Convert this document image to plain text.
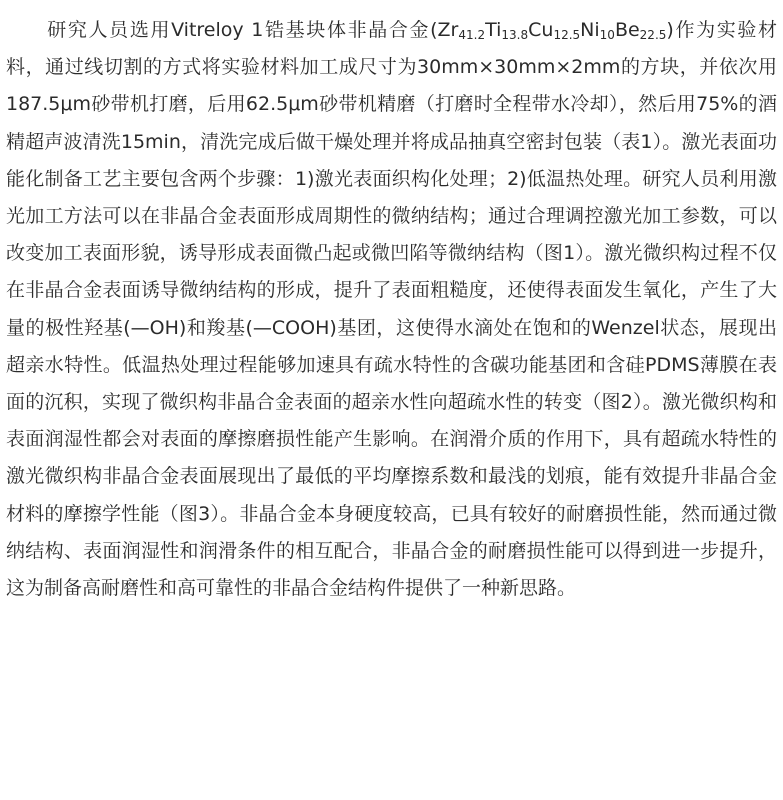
　　研究人员选用Vitreloy 1锆基块体非晶合金$(Zr_{41.2}Ti_{13.8}Cu_{12.5}Ni_{10}Be_{22.5})$作为实验材料，通过线切割的方式将实验材料加工成尺寸为30mm×30mm×2mm的方块，并依次用187.5μm砂带机打磨，后用62.5μm砂带机精磨（打磨时全程带水冷却），然后用75%的酒精超声波清洗15min，清洗完成后做干燥处理并将成品抽真空密封包装（表1）。激光表面功能化制备工艺主要包含两个步骤：1)激光表面织构化处理；2)低温热处理。研究人员利用激光加工方法可以在非晶合金表面形成周期性的微纳结构；通过合理调控激光加工参数，可以改变加工表面形貌，诱导形成表面微凸起或微凹陷等微纳结构（图1）。激光微织构过程不仅在非晶合金表面诱导微纳结构的形成，提升了表面粗糙度，还使得表面发生氧化，产生了大量的极性羟基(—OH)和羧基(—COOH)基团，这使得水滴处在饱和的Wenzel状态，展现出超亲水特性。低温热处理过程能够加速具有疏水特性的含碳功能基团和含硅PDMS薄膜在表面的沉积，实现了微织构非晶合金表面的超亲水性向超疏水性的转变（图2）。激光微织构和表面润湿性都会对表面的摩擦磨损性能产生影响。在润滑介质的作用下，具有超疏水特性的激光微织构非晶合金表面展现出了最低的平均摩擦系数和最浅的划痕，能有效提升非晶合金材料的摩擦学性能（图3）。非晶合金本身硬度较高，已具有较好的耐磨损性能，然而通过微纳结构、表面润湿性和润滑条件的相互配合，非晶合金的耐磨损性能可以得到进一步提升，这为制备高耐磨性和高可靠性的非晶合金结构件提供了一种新思路。
